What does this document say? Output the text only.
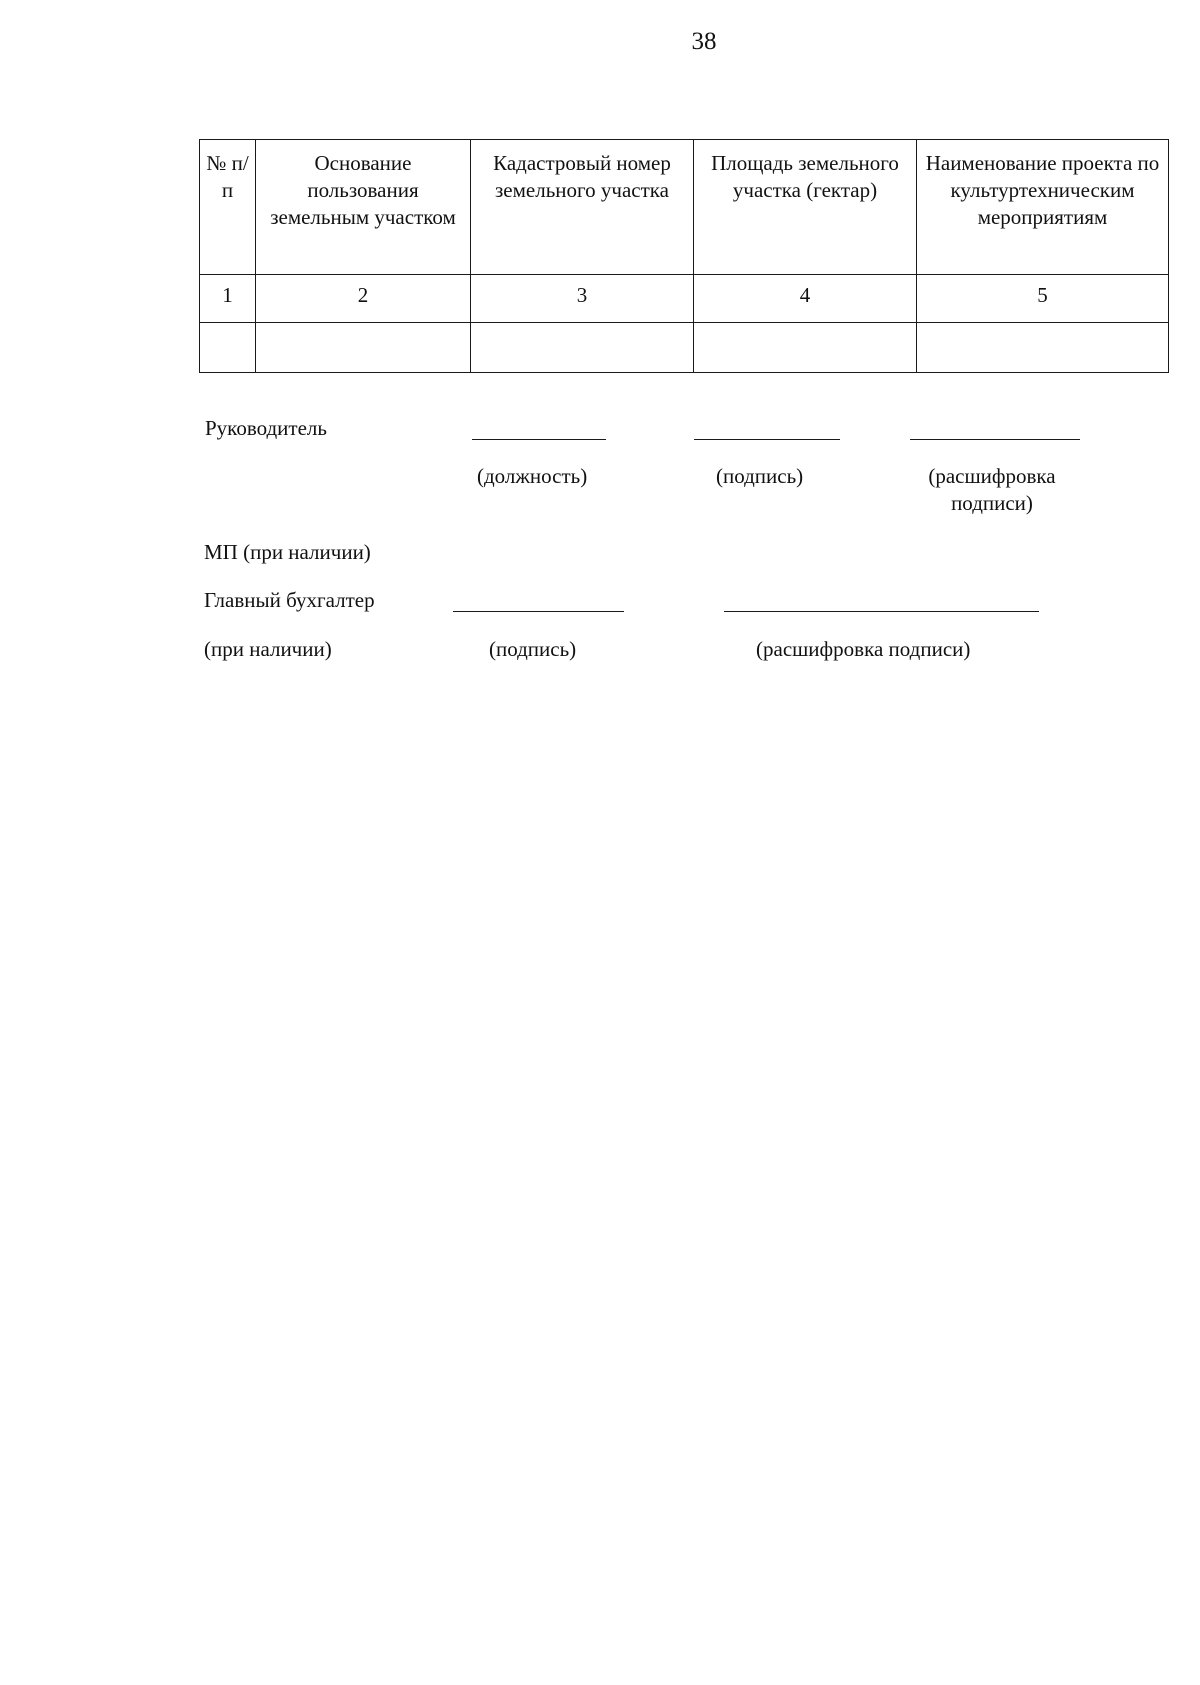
38
№ п/п	Основание пользования земельным участком	Кадастровый номер земельного участка	Площадь земельного участка (гектар)	Наименование проекта по культуртехническим мероприятиям
1	2	3	4	5

Руководитель
(должность)	(подпись)	(расшифровка
подписи)
МП (при наличии)
Главный бухгалтер
(при наличии)	(подпись)	(расшифровка подписи)
